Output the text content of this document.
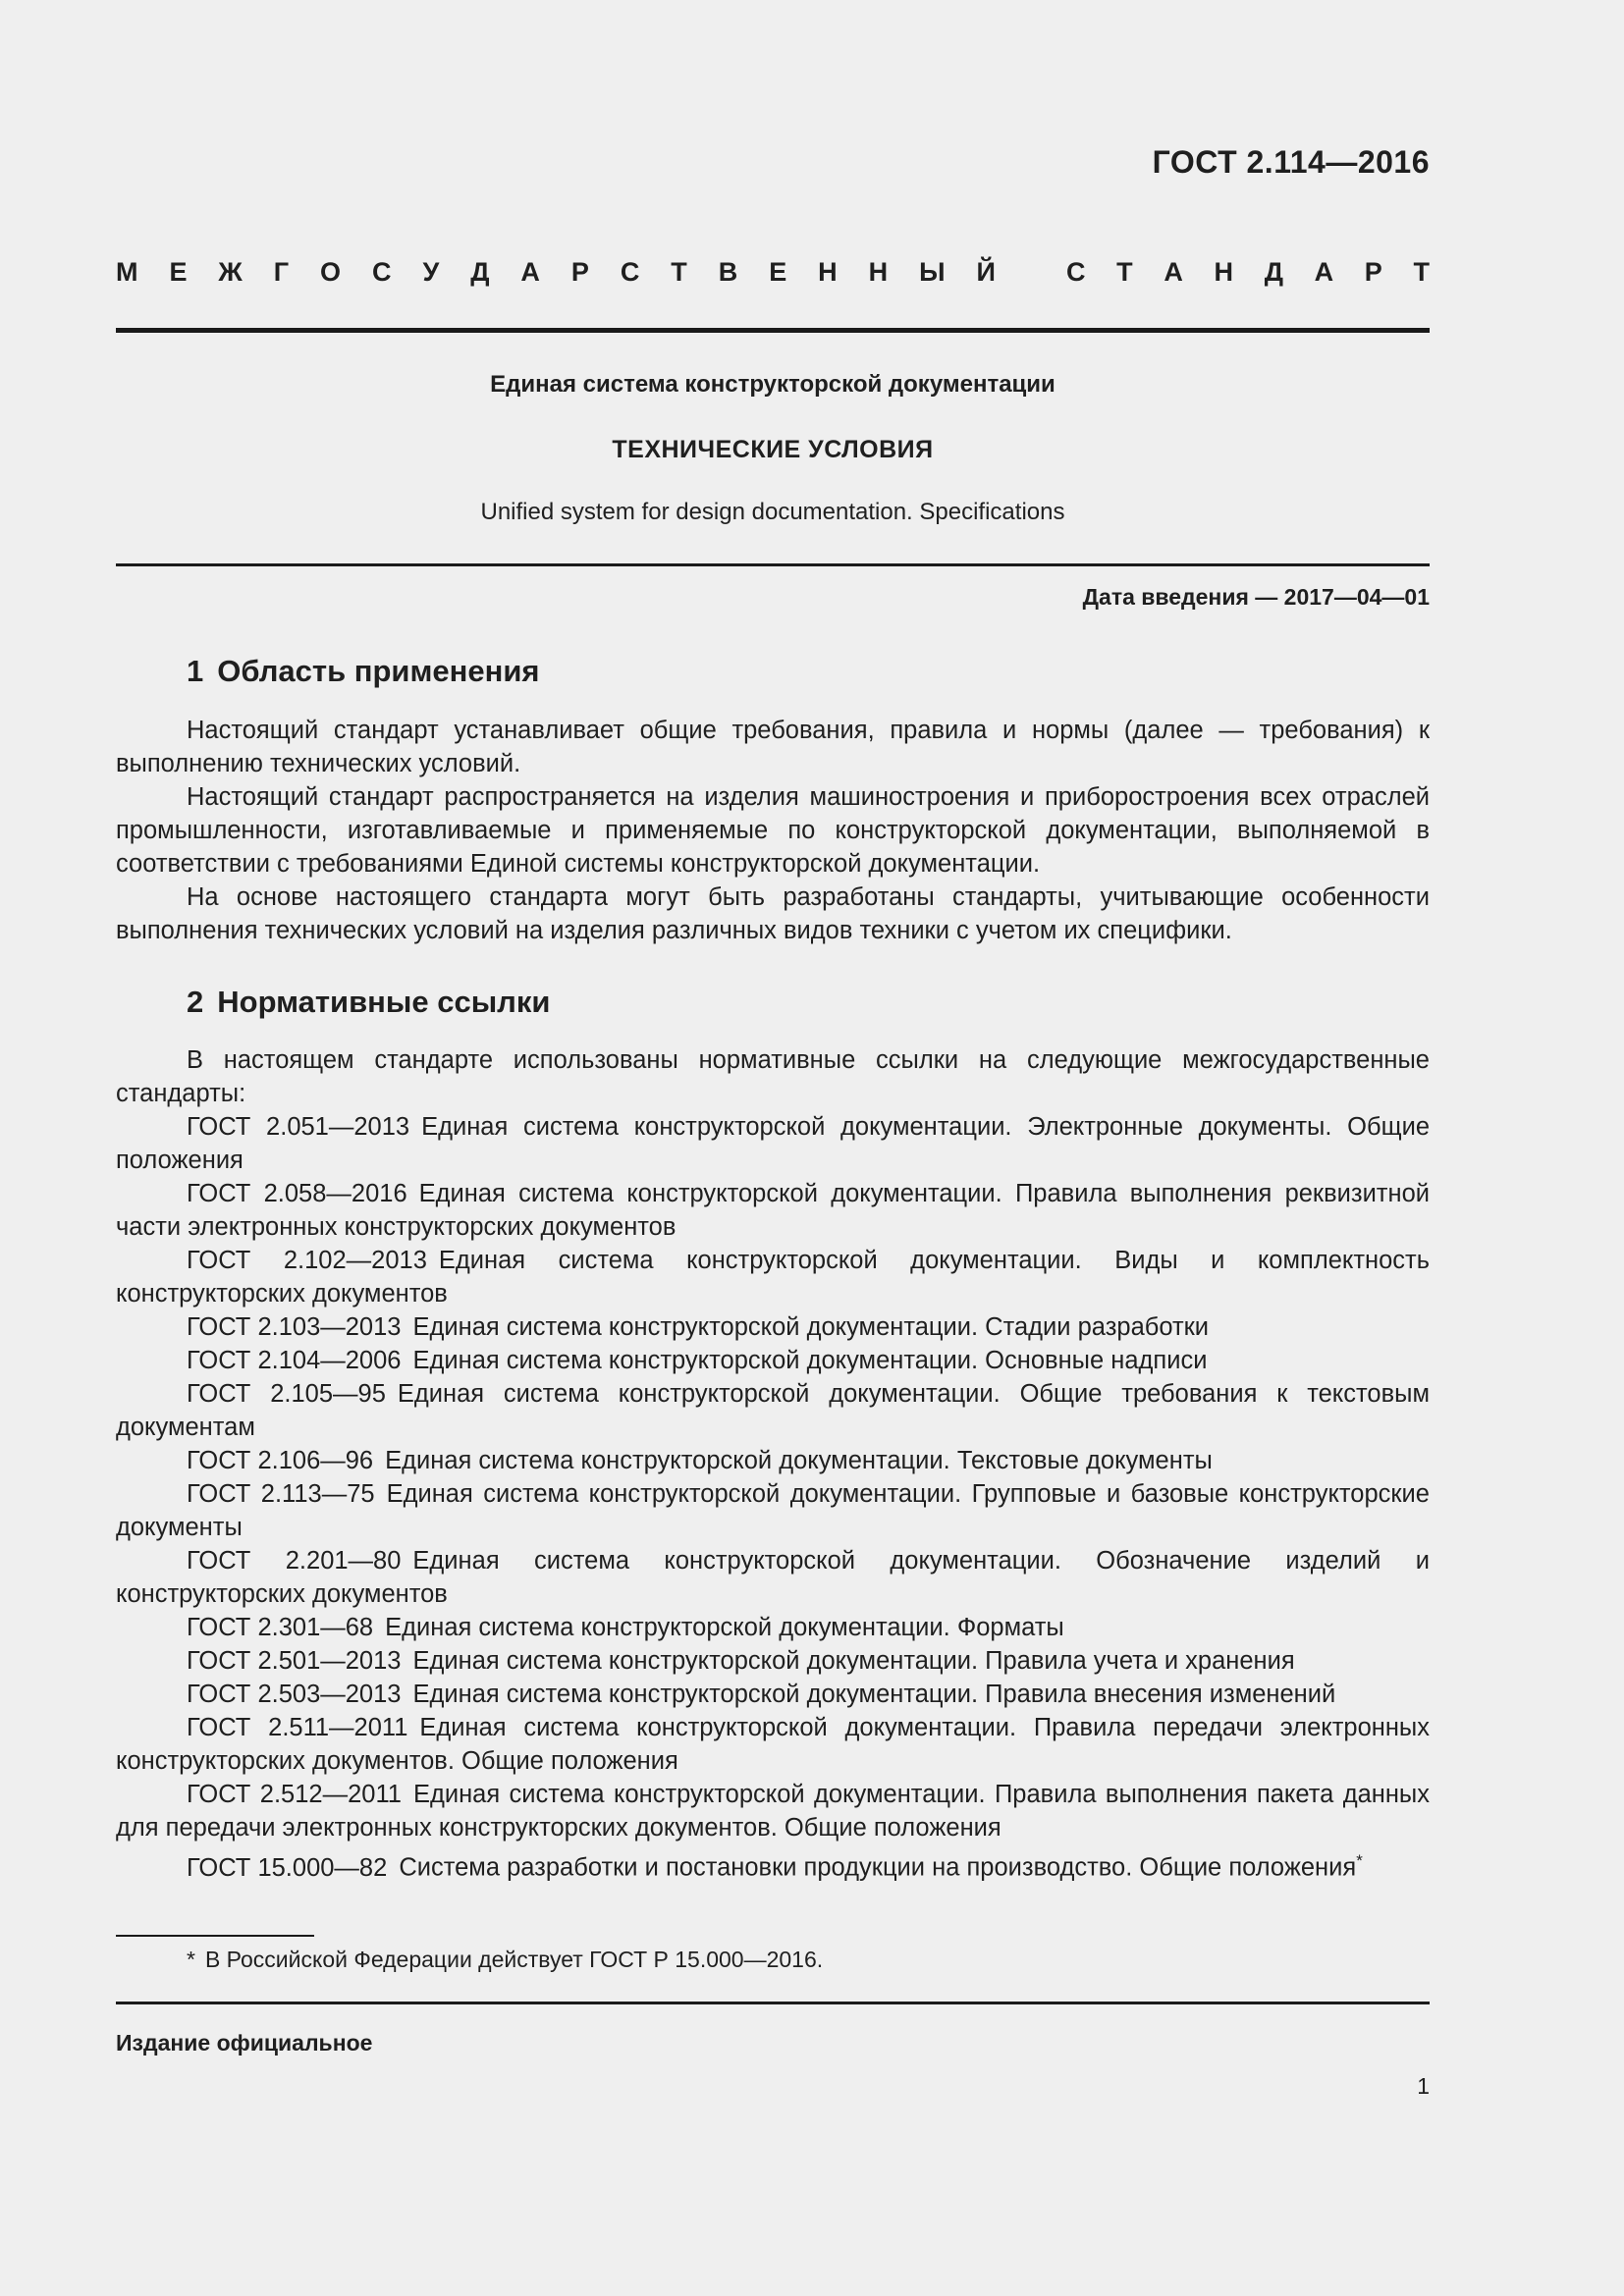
ГОСТ 2.114—2016
М Е Ж Г О С У Д А Р С Т В Е Н Н Ы Й	С Т А Н Д А Р Т
Единая система конструкторской документации
ТЕХНИЧЕСКИЕ УСЛОВИЯ
Unified system for design documentation. Specifications
Дата введения — 2017—04—01
1 Область применения

Настоящий стандарт устанавливает общие требования, правила и нормы (далее — требования) к выполнению технических условий.

Настоящий стандарт распространяется на изделия машиностроения и приборостроения всех отраслей промышленности, изготавливаемые и применяемые по конструкторской документации, выполняемой в соответствии с требованиями Единой системы конструкторской документации.

На основе настоящего стандарта могут быть разработаны стандарты, учитывающие особенности выполнения технических условий на изделия различных видов техники с учетом их специфики.

2 Нормативные ссылки

В настоящем стандарте использованы нормативные ссылки на следующие межгосударственные стандарты:

ГОСТ 2.051—2013 Единая система конструкторской документации. Электронные документы. Общие положения

ГОСТ 2.058—2016 Единая система конструкторской документации. Правила выполнения реквизитной части электронных конструкторских документов

ГОСТ 2.102—2013 Единая система конструкторской документации. Виды и комплектность конструкторских документов

ГОСТ 2.103—2013 Единая система конструкторской документации. Стадии разработки

ГОСТ 2.104—2006 Единая система конструкторской документации. Основные надписи

ГОСТ 2.105—95 Единая система конструкторской документации. Общие требования к текстовым документам

ГОСТ 2.106—96 Единая система конструкторской документации. Текстовые документы

ГОСТ 2.113—75 Единая система конструкторской документации. Групповые и базовые конструкторские документы

ГОСТ 2.201—80 Единая система конструкторской документации. Обозначение изделий и конструкторских документов

ГОСТ 2.301—68 Единая система конструкторской документации. Форматы

ГОСТ 2.501—2013 Единая система конструкторской документации. Правила учета и хранения

ГОСТ 2.503—2013 Единая система конструкторской документации. Правила внесения изменений

ГОСТ 2.511—2011 Единая система конструкторской документации. Правила передачи электронных конструкторских документов. Общие положения

ГОСТ 2.512—2011 Единая система конструкторской документации. Правила выполнения пакета данных для передачи электронных конструкторских документов. Общие положения

ГОСТ 15.000—82 Система разработки и постановки продукции на производство. Общие положения*

* В Российской Федерации действует ГОСТ Р 15.000—2016.
Издание официальное
1
